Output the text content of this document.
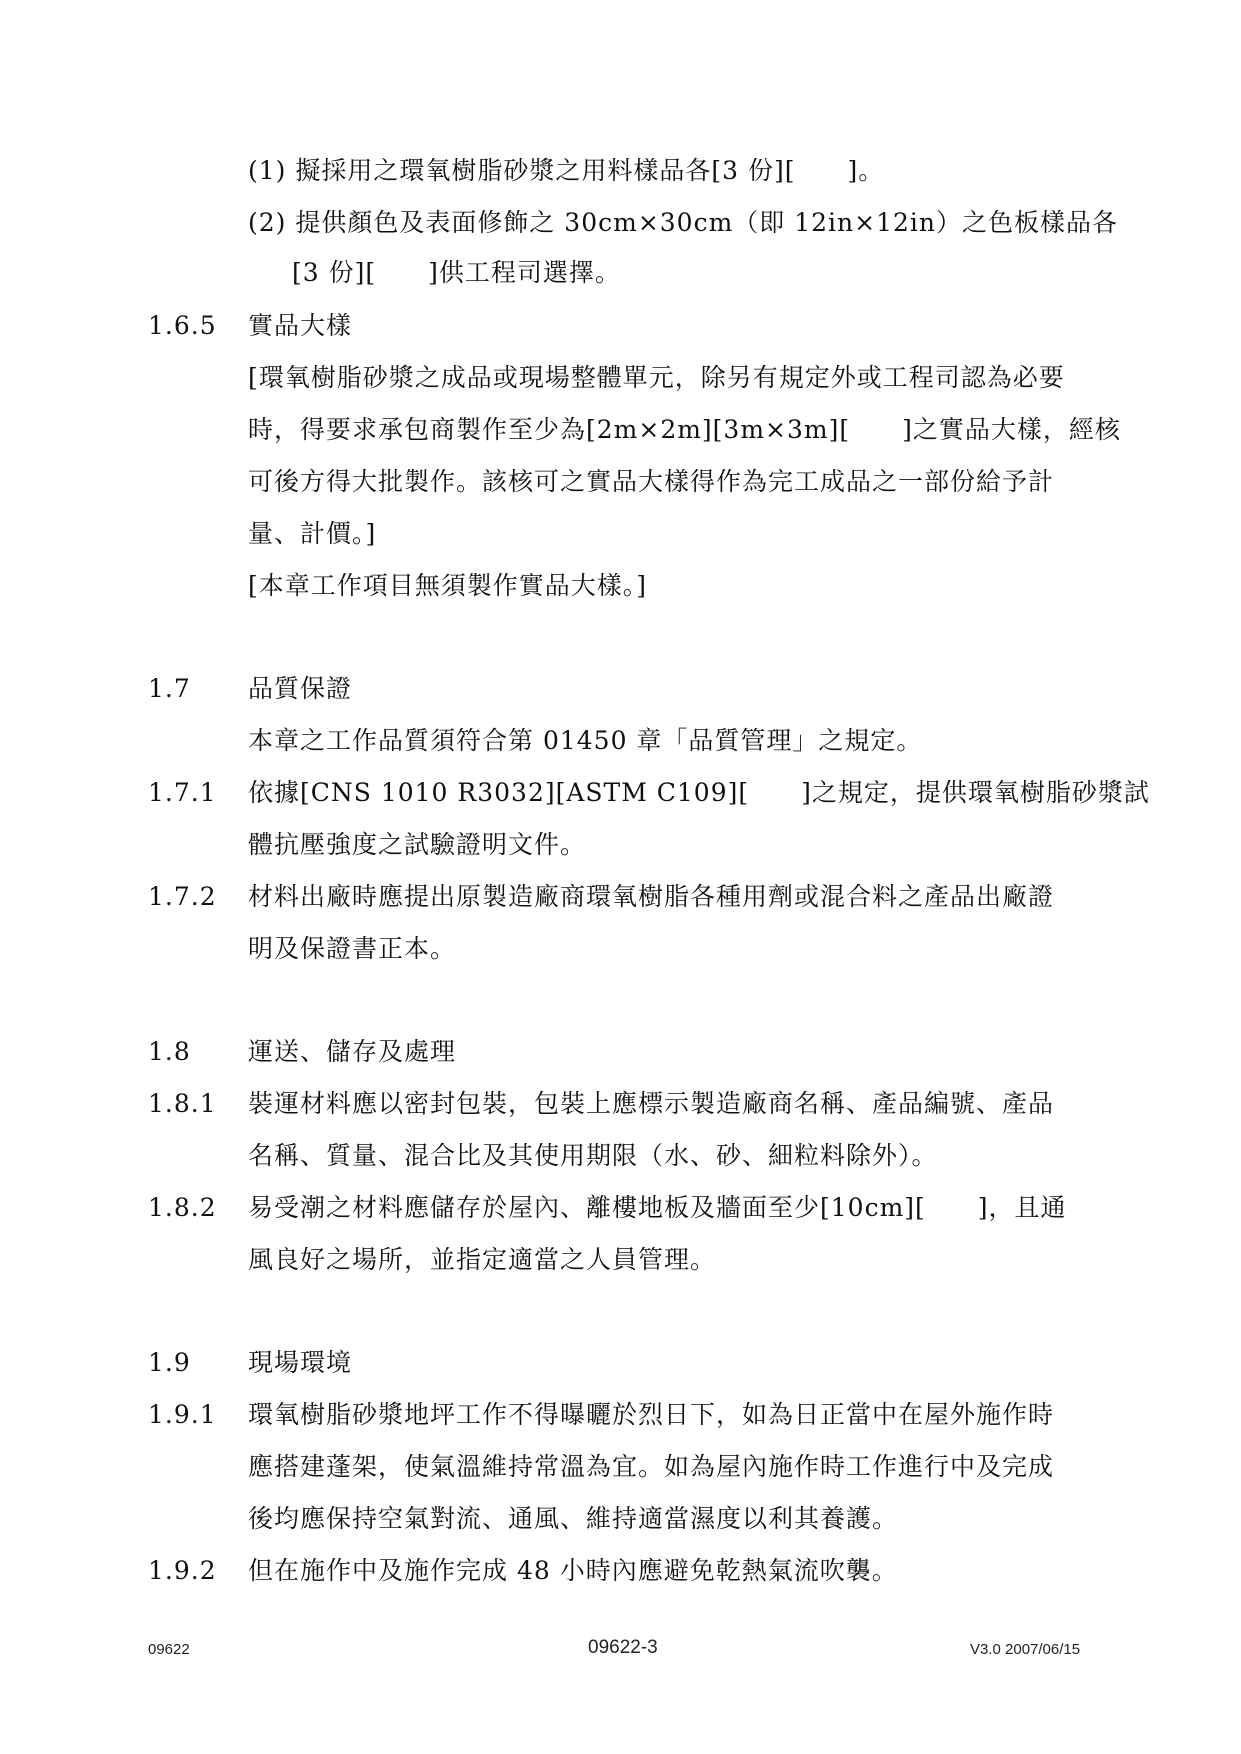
(1) 擬採用之環氧樹脂砂漿之用料樣品各[3 份][　　]。
(2) 提供顏色及表面修飾之 30cm×30cm（即 12in×12in）之色板樣品各
[3 份][　　]供工程司選擇。
1.6.5 實品大樣
[環氧樹脂砂漿之成品或現場整體單元，除另有規定外或工程司認為必要
時，得要求承包商製作至少為[2m×2m][3m×3m][　　]之實品大樣，經核
可後方得大批製作。該核可之實品大樣得作為完工成品之一部份給予計
量、計價。]
[本章工作項目無須製作實品大樣。]
1.7 品質保證
本章之工作品質須符合第 01450 章「品質管理」之規定。
1.7.1 依據[CNS 1010 R3032][ASTM C109][　　]之規定，提供環氧樹脂砂漿試
體抗壓強度之試驗證明文件。
1.7.2 材料出廠時應提出原製造廠商環氧樹脂各種用劑或混合料之產品出廠證
明及保證書正本。
1.8 運送、儲存及處理
1.8.1 裝運材料應以密封包裝，包裝上應標示製造廠商名稱、產品編號、產品
名稱、質量、混合比及其使用期限（水、砂、細粒料除外）。
1.8.2 易受潮之材料應儲存於屋內、離樓地板及牆面至少[10cm][　　]，且通
風良好之場所，並指定適當之人員管理。
1.9 現場環境
1.9.1 環氧樹脂砂漿地坪工作不得曝曬於烈日下，如為日正當中在屋外施作時
應搭建蓬架，使氣溫維持常溫為宜。如為屋內施作時工作進行中及完成
後均應保持空氣對流、通風、維持適當濕度以利其養護。
1.9.2 但在施作中及施作完成 48 小時內應避免乾熱氣流吹襲。
09622	09622-3	V3.0 2007/06/15
